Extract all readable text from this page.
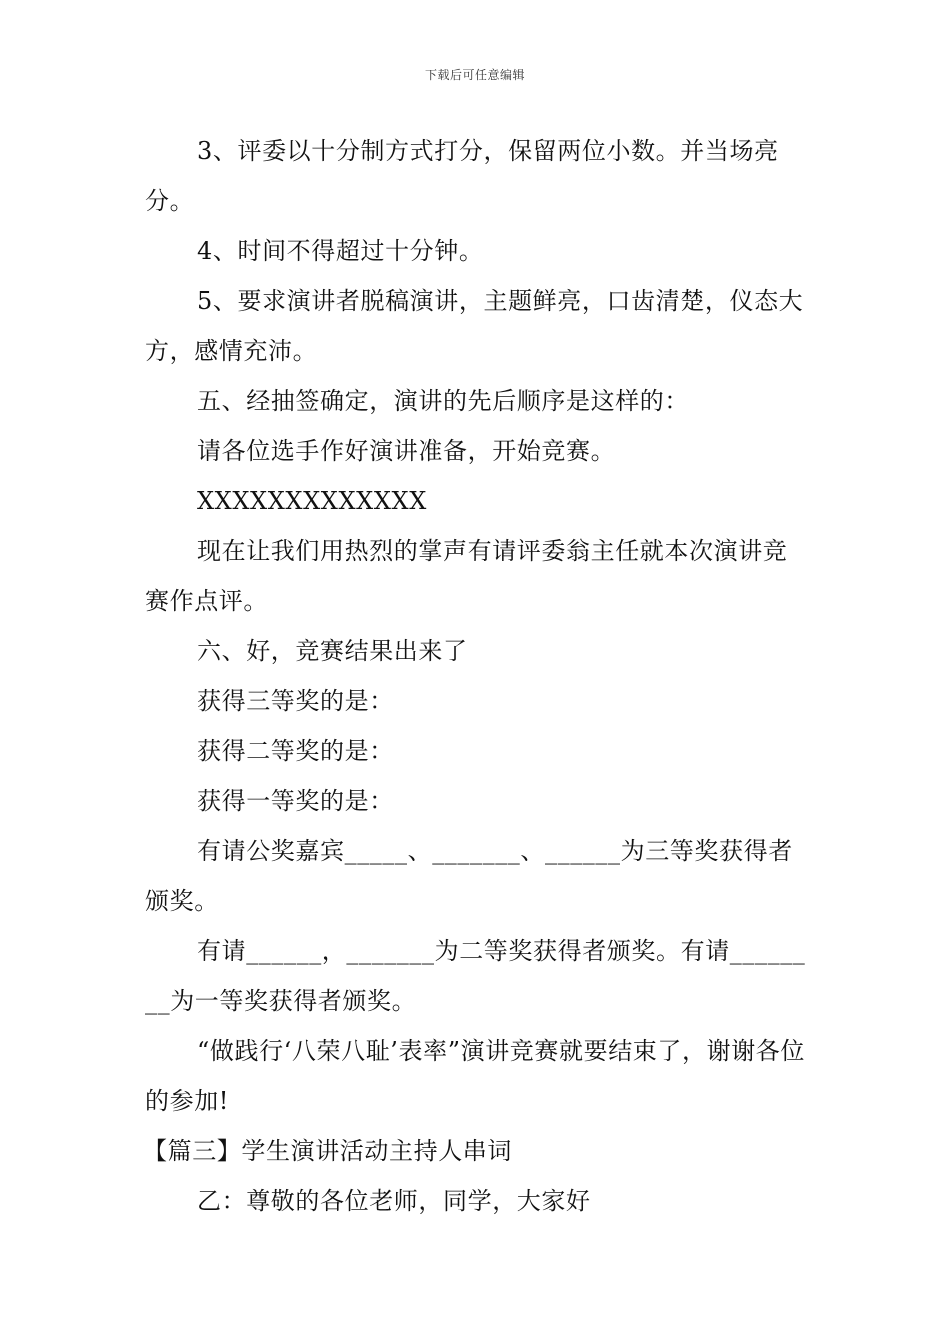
下载后可任意编辑

3、评委以十分制方式打分，保留两位小数。并当场亮分。

4、时间不得超过十分钟。

5、要求演讲者脱稿演讲，主题鲜亮，口齿清楚，仪态大方，感情充沛。

五、经抽签确定，演讲的先后顺序是这样的：

请各位选手作好演讲准备，开始竞赛。

XXXXXXXXXXXXX

现在让我们用热烈的掌声有请评委翁主任就本次演讲竞赛作点评。

六、好，竞赛结果出来了

获得三等奖的是：

获得二等奖的是：

获得一等奖的是：

有请公奖嘉宾_____、_______、______为三等奖获得者颁奖。

有请______，_______为二等奖获得者颁奖。有请________为一等奖获得者颁奖。

“做践行‘八荣八耻’表率”演讲竞赛就要结束了，谢谢各位的参加!

【篇三】学生演讲活动主持人串词

乙：尊敬的各位老师，同学，大家好
